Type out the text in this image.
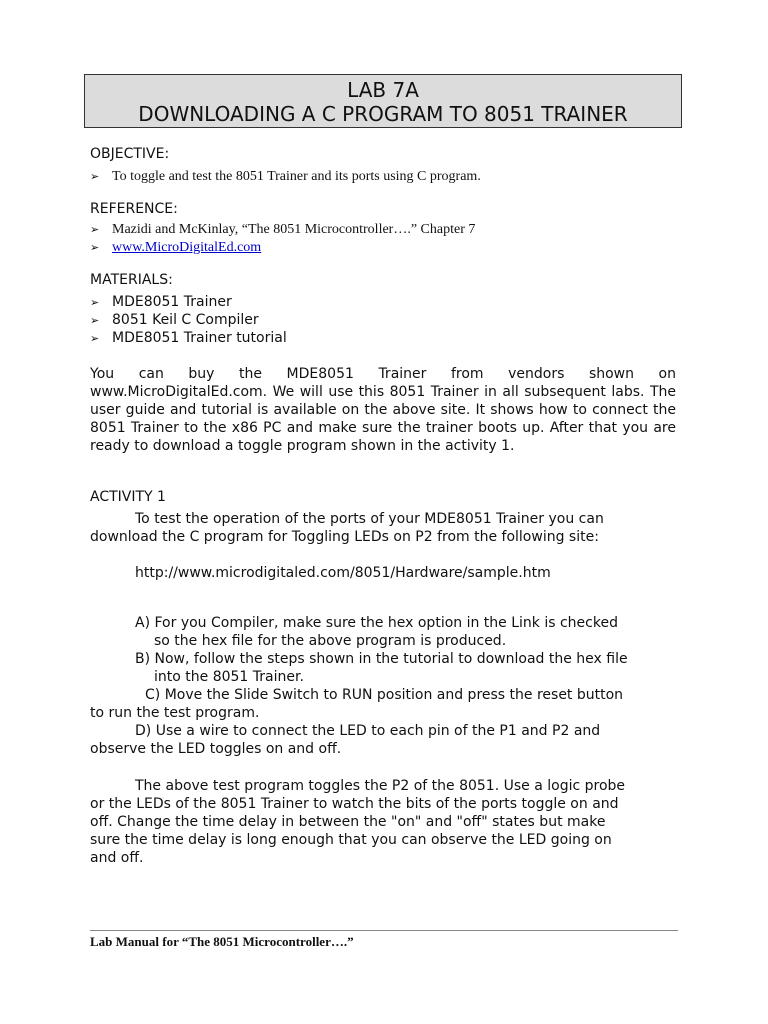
LAB 7A
DOWNLOADING A C PROGRAM TO 8051 TRAINER
OBJECTIVE:
➢ To toggle and test the 8051 Trainer and its ports using C program.
REFERENCE:
➢ Mazidi and McKinlay, “The 8051 Microcontroller….” Chapter 7
➢ www.MicroDigitalEd.com
MATERIALS:
➢ MDE8051 Trainer
➢ 8051 Keil C Compiler
➢ MDE8051 Trainer tutorial
You can buy the MDE8051 Trainer from vendors shown on www.MicroDigitalEd.com. We will use this 8051 Trainer in all subsequent labs. The user guide and tutorial is available on the above site. It shows how to connect the 8051 Trainer to the x86 PC and make sure the trainer boots up. After that you are ready to download a toggle program shown in the activity 1.
ACTIVITY 1
To test the operation of the ports of your MDE8051 Trainer you can
download the C program for Toggling LEDs on P2 from the following site:
http://www.microdigitaled.com/8051/Hardware/sample.htm
A) For you Compiler, make sure the hex option in the Link is checked
so the hex file for the above program is produced.
B) Now, follow the steps shown in the tutorial to download the hex file
into the 8051 Trainer.
C) Move the Slide Switch to RUN position and press the reset button
to run the test program.
D) Use a wire to connect the LED to each pin of the P1 and P2 and
observe the LED toggles on and off.
The above test program toggles the P2 of the 8051. Use a logic probe
or the LEDs of the 8051 Trainer to watch the bits of the ports toggle on and
off. Change the time delay in between the "on" and "off" states but make
sure the time delay is long enough that you can observe the LED going on
and off.
Lab Manual for “The 8051 Microcontroller….”
